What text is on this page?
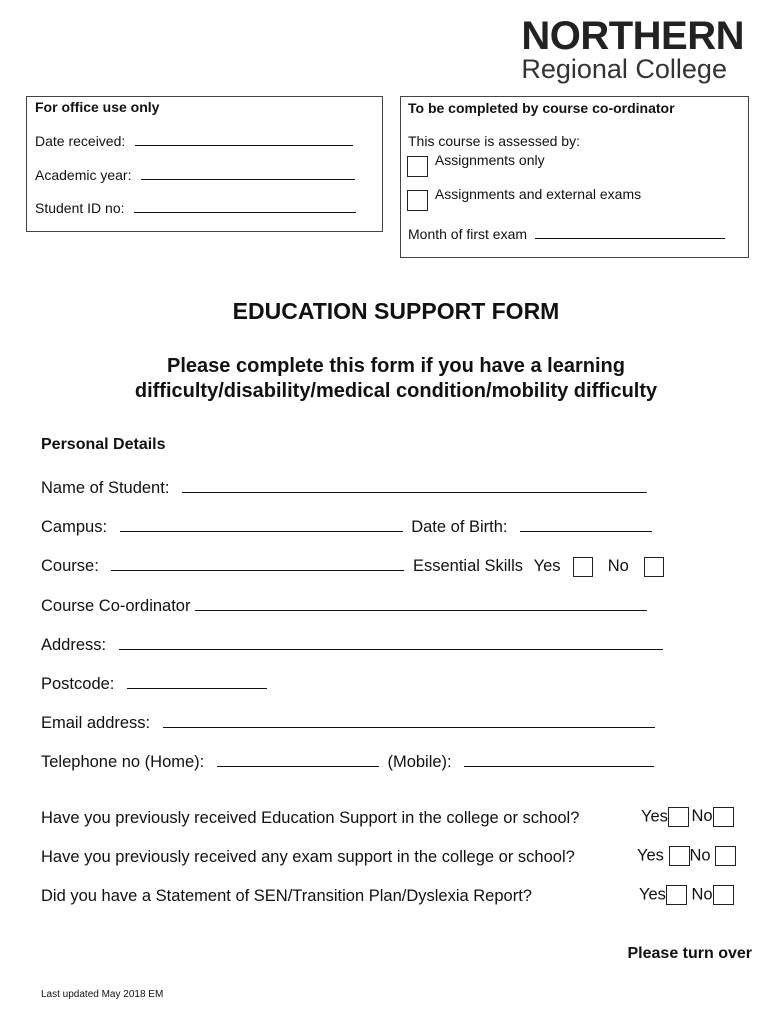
NORTHERN
Regional College
For office use only
Date received:
Academic year:
Student ID no:
To be completed by course co-ordinator
This course is assessed by:
Assignments only
Assignments and external exams
Month of first exam
EDUCATION SUPPORT FORM
Please complete this form if you have a learning
difficulty/disability/medical condition/mobility difficulty
Personal Details
Name of Student:
Campus:	Date of Birth:
Course:	Essential Skills Yes	No
Course Co-ordinator
Address:
Postcode:
Email address:
Telephone no (Home):	(Mobile):
Have you previously received Education Support in the college or school?	Yes No
Have you previously received any exam support in the college or school?	Yes No
Did you have a Statement of SEN/Transition Plan/Dyslexia Report?	Yes No
Please turn over
Last updated May 2018 EM
